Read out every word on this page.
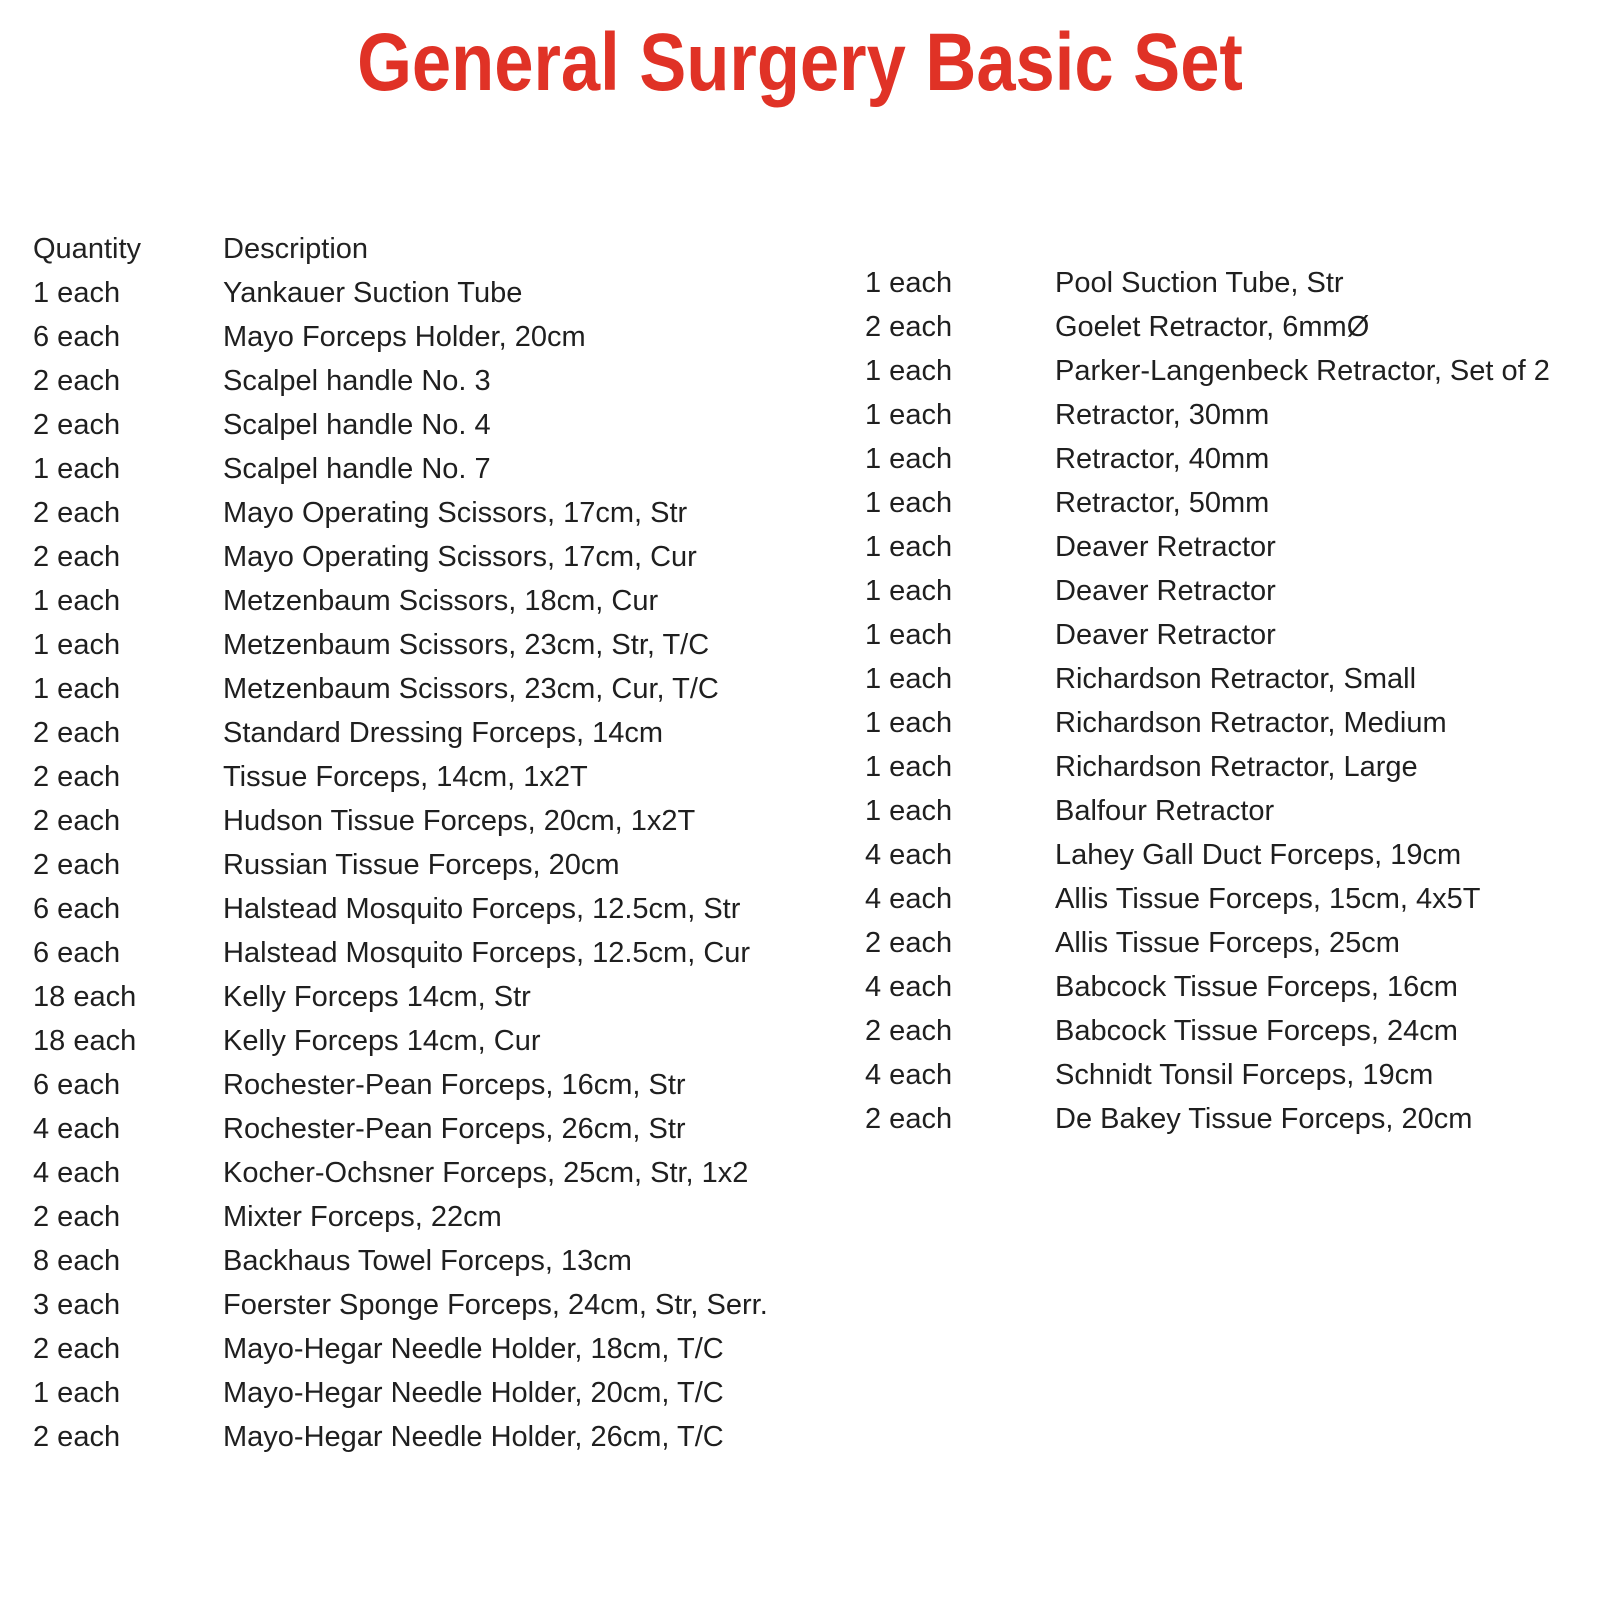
General Surgery Basic Set
Quantity	Description
1 each	Yankauer Suction Tube
6 each	Mayo Forceps Holder, 20cm
2 each	Scalpel handle No. 3
2 each	Scalpel handle No. 4
1 each	Scalpel handle No. 7
2 each	Mayo Operating Scissors, 17cm, Str
2 each	Mayo Operating Scissors, 17cm, Cur
1 each	Metzenbaum Scissors, 18cm, Cur
1 each	Metzenbaum Scissors, 23cm, Str, T/C
1 each	Metzenbaum Scissors, 23cm, Cur, T/C
2 each	Standard Dressing Forceps, 14cm
2 each	Tissue Forceps, 14cm, 1x2T
2 each	Hudson Tissue Forceps, 20cm, 1x2T
2 each	Russian Tissue Forceps, 20cm
6 each	Halstead Mosquito Forceps, 12.5cm, Str
6 each	Halstead Mosquito Forceps, 12.5cm, Cur
18 each	Kelly Forceps 14cm, Str
18 each	Kelly Forceps 14cm, Cur
6 each	Rochester-Pean Forceps, 16cm, Str
4 each	Rochester-Pean Forceps, 26cm, Str
4 each	Kocher-Ochsner Forceps, 25cm, Str, 1x2
2 each	Mixter Forceps, 22cm
8 each	Backhaus Towel Forceps, 13cm
3 each	Foerster Sponge Forceps, 24cm, Str, Serr.
2 each	Mayo-Hegar Needle Holder, 18cm, T/C
1 each	Mayo-Hegar Needle Holder, 20cm, T/C
2 each	Mayo-Hegar Needle Holder, 26cm, T/C
1 each	Pool Suction Tube, Str
2 each	Goelet Retractor, 6mmØ
1 each	Parker-Langenbeck Retractor, Set of 2
1 each	Retractor, 30mm
1 each	Retractor, 40mm
1 each	Retractor, 50mm
1 each	Deaver Retractor
1 each	Deaver Retractor
1 each	Deaver Retractor
1 each	Richardson Retractor, Small
1 each	Richardson Retractor, Medium
1 each	Richardson Retractor, Large
1 each	Balfour Retractor
4 each	Lahey Gall Duct Forceps, 19cm
4 each	Allis Tissue Forceps, 15cm, 4x5T
2 each	Allis Tissue Forceps, 25cm
4 each	Babcock Tissue Forceps, 16cm
2 each	Babcock Tissue Forceps, 24cm
4 each	Schnidt Tonsil Forceps, 19cm
2 each	De Bakey Tissue Forceps, 20cm
